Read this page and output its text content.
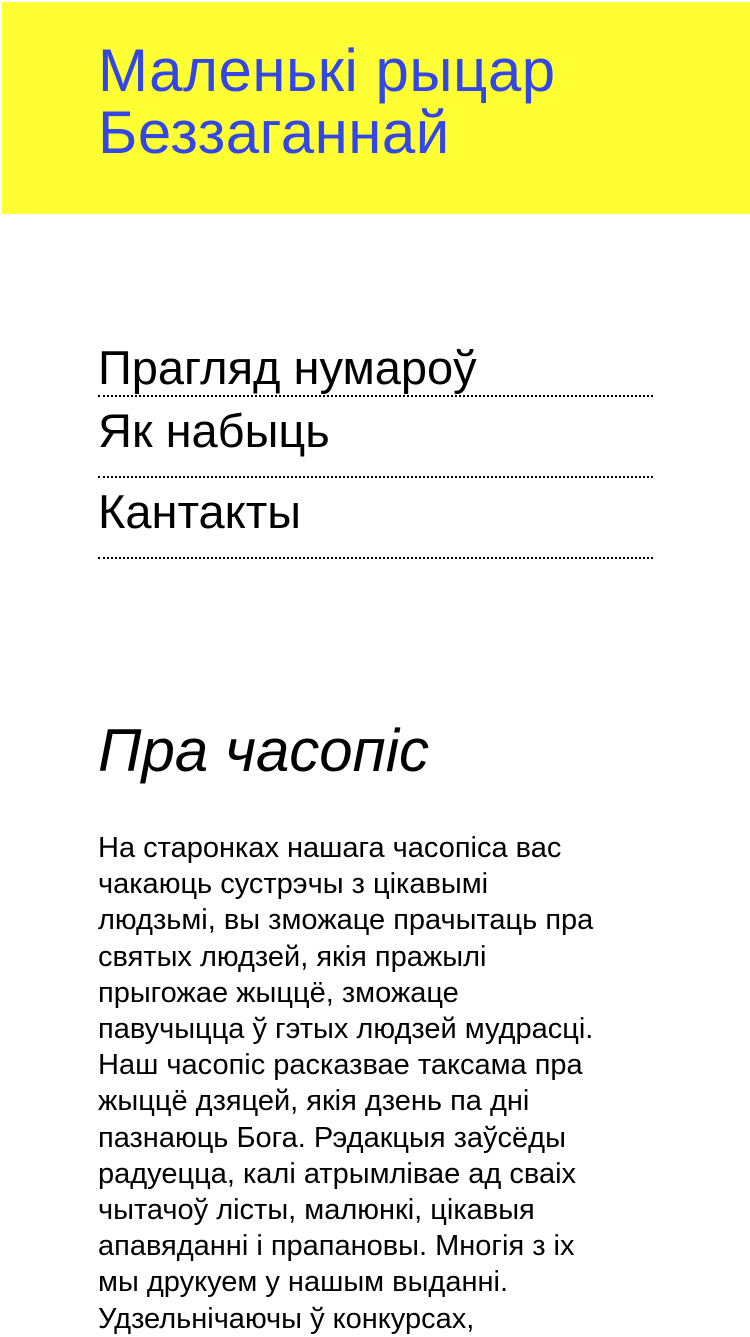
Маленькі рыцар
Беззаганнай
Прагляд нумароў
Як набыць
Кантакты
Пра часопіс

На старонках нашага часопіса вас
чакаюць сустрэчы з цікавымі
людзьмі, вы зможаце прачытаць пра
святых людзей, якія пражылі
прыгожае жыццё, зможаце
павучыцца ў гэтых людзей мудрасці.
Наш часопіс расказвае таксама пра
жыццё дзяцей, якія дзень па дні
пазнаюць Бога. Рэдакцыя заўсёды
радуецца, калі атрымлівае ад сваіх
чытачоў лісты, малюнкі, цікавыя
апавяданні і прапановы. Многія з іх
мы друкуем у нашым выданні.
Удзельнічаючы ў конкурсах,
